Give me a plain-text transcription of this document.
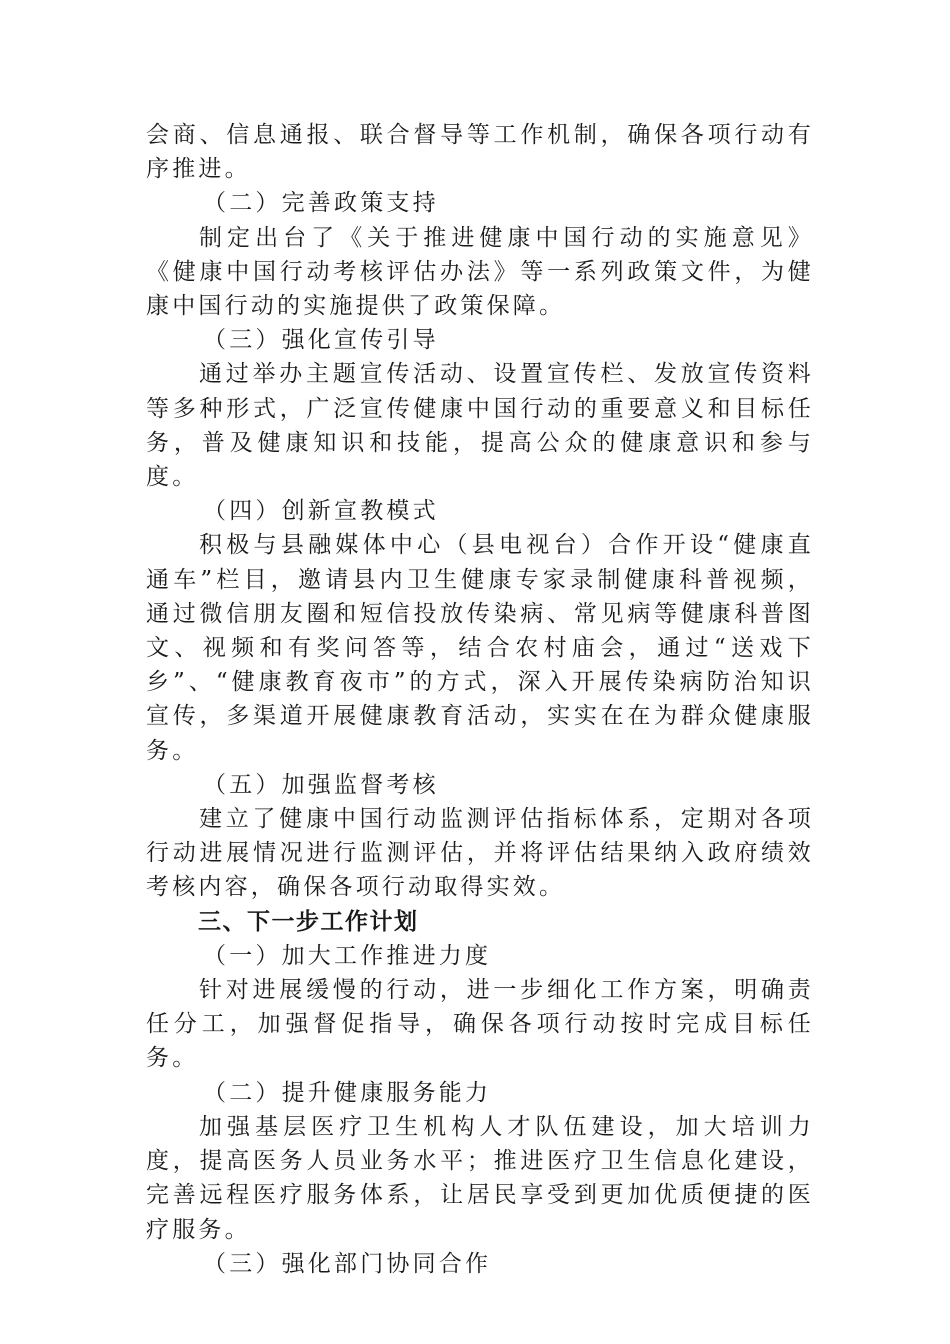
会商、信息通报、联合督导等工作机制，确保各项行动有序推进。

（二）完善政策支持

制定出台了《关于推进健康中国行动的实施意见》《健康中国行动考核评估办法》等一系列政策文件，为健康中国行动的实施提供了政策保障。

（三）强化宣传引导

通过举办主题宣传活动、设置宣传栏、发放宣传资料等多种形式，广泛宣传健康中国行动的重要意义和目标任务，普及健康知识和技能，提高公众的健康意识和参与度。

（四）创新宣教模式

积极与县融媒体中心（县电视台）合作开设“健康直通车”栏目，邀请县内卫生健康专家录制健康科普视频，通过微信朋友圈和短信投放传染病、常见病等健康科普图文、视频和有奖问答等，结合农村庙会，通过“送戏下乡”、“健康教育夜市”的方式，深入开展传染病防治知识宣传，多渠道开展健康教育活动，实实在在为群众健康服务。

（五）加强监督考核

建立了健康中国行动监测评估指标体系，定期对各项行动进展情况进行监测评估，并将评估结果纳入政府绩效考核内容，确保各项行动取得实效。

三、下一步工作计划

（一）加大工作推进力度

针对进展缓慢的行动，进一步细化工作方案，明确责任分工，加强督促指导，确保各项行动按时完成目标任务。

（二）提升健康服务能力

加强基层医疗卫生机构人才队伍建设，加大培训力度，提高医务人员业务水平；推进医疗卫生信息化建设，完善远程医疗服务体系，让居民享受到更加优质便捷的医疗服务。

（三）强化部门协同合作
